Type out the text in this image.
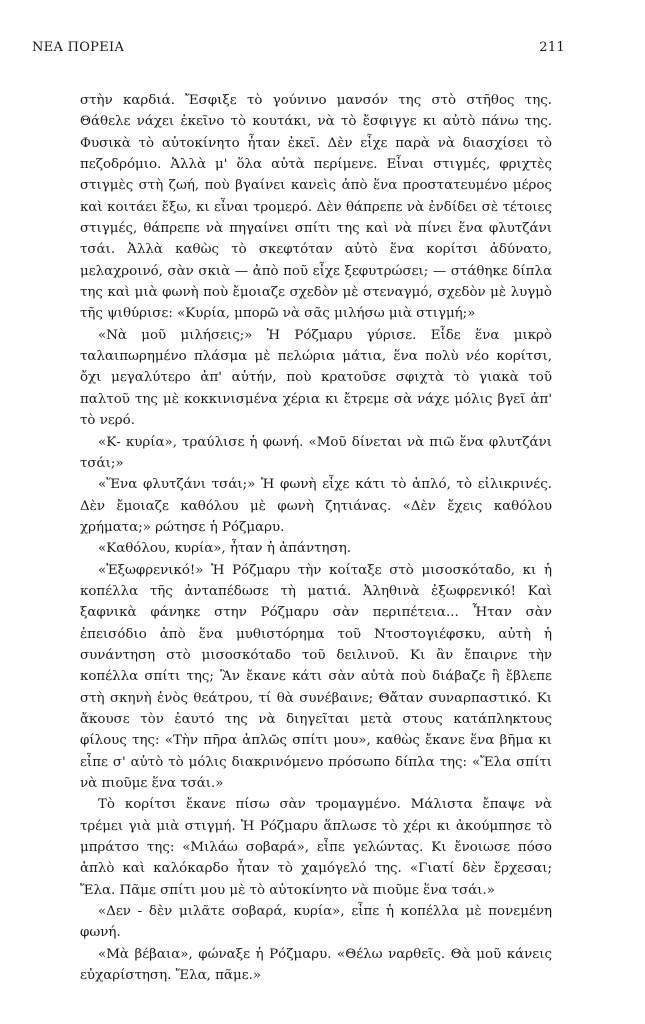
ΝΕΑ ΠΟΡΕΙΑ	211

στὴν καρδιά. Ἔσφιξε τὸ γούνινο μανσόν της στὸ στῆθος της. Θάθελε νάχει ἐκεῖνο τὸ κουτάκι, νὰ τὸ ἔσφιγγε κι αὐτὸ πάνω της. Φυσικὰ τὸ αὐτοκίνητο ἦταν ἐκεῖ. Δὲν εἶχε παρὰ νὰ διασχίσει τὸ πεζοδρόμιο. Ἀλλὰ μ' ὅλα αὐτὰ περίμενε. Εἶναι στιγμές, φριχτὲς στιγμὲς στὴ ζωή, ποὺ βγαίνει κανεὶς ἀπὸ ἕνα προστατευμένο μέρος καὶ κοιτάει ἔξω, κι εἶναι τρομερό. Δὲν θάπρεπε νὰ ἐνδίδει σὲ τέτοιες στιγμές, θάπρεπε νὰ πηγαίνει σπίτι της καὶ νὰ πίνει ἕνα φλυτζάνι τσάι. Ἀλλὰ καθὼς τὸ σκεφτόταν αὐτὸ ἕνα κορίτσι ἀδύνατο, μελαχροινό, σὰν σκιὰ — ἀπὸ ποῦ εἶχε ξεφυτρώσει; — στάθηκε δίπλα της καὶ μιὰ φωνὴ ποὺ ἔμοιαζε σχεδὸν μὲ στεναγμό, σχεδὸν μὲ λυγμὸ τῆς ψιθύρισε: «Κυρία, μπορῶ νὰ σᾶς μιλήσω μιὰ στιγμή;»

«Νὰ μοῦ μιλήσεις;» Ἡ Ρόζμαρυ γύρισε. Εἶδε ἕνα μικρὸ ταλαιπωρημένο πλάσμα μὲ πελώρια μάτια, ἕνα πολὺ νέο κορίτσι, ὄχι μεγαλύτερο ἀπ' αὐτήν, ποὺ κρατοῦσε σφιχτὰ τὸ γιακὰ τοῦ παλτοῦ της μὲ κοκκινισμένα χέρια κι ἔτρεμε σὰ νάχε μόλις βγεῖ ἀπ' τὸ νερό.

«Κ- κυρία», τραύλισε ἡ φωνή. «Μοῦ δίνεται νὰ πιῶ ἕνα φλυτζάνι τσάι;»

«Ἕνα φλυτζάνι τσάι;» Ἡ φωνὴ εἶχε κάτι τὸ ἁπλό, τὸ εἰλικρινές. Δὲν ἔμοιαζε καθόλου μὲ φωνὴ ζητιάνας. «Δὲν ἔχεις καθόλου χρήματα;» ρώτησε ἡ Ρόζμαρυ.

«Καθόλου, κυρία», ἦταν ἡ ἀπάντηση.

«Ἐξωφρενικό!» Ἡ Ρόζμαρυ τὴν κοίταξε στὸ μισοσκόταδο, κι ἡ κοπέλλα τῆς ἀνταπέδωσε τὴ ματιά. Ἀληθινὰ ἐξωφρενικό! Καὶ ξαφνικὰ φάνηκε στην Ρόζμαρυ σὰν περιπέτεια... Ἦταν σὰν ἐπεισόδιο ἀπὸ ἕνα μυθιστόρημα τοῦ Ντοστογιέφσκυ, αὐτὴ ἡ συνάντηση στὸ μισοσκόταδο τοῦ δειλινοῦ. Κι ἂν ἔπαιρνε τὴν κοπέλλα σπίτι της; Ἂν ἔκανε κάτι σὰν αὐτὰ ποὺ διάβαζε ἢ ἔβλεπε στὴ σκηνὴ ἑνὸς θεάτρου, τί θὰ συνέβαινε; Θἄταν συναρπαστικό. Κι ἄκουσε τὸν ἑαυτό της νὰ διηγεῖται μετὰ στους κατάπληκτους φίλους της: «Τὴν πῆρα ἁπλῶς σπίτι μου», καθὼς ἔκανε ἕνα βῆμα κι εἶπε σ' αὐτὸ τὸ μόλις διακρινόμενο πρόσωπο δίπλα της: «Ἔλα σπίτι νὰ πιοῦμε ἕνα τσάι.»

Τὸ κορίτσι ἔκανε πίσω σὰν τρομαγμένο. Μάλιστα ἔπαψε νὰ τρέμει γιὰ μιὰ στιγμή. Ἡ Ρόζμαρυ ἅπλωσε τὸ χέρι κι ἀκούμπησε τὸ μπράτσο της: «Μιλάω σοβαρά», εἶπε γελώντας. Κι ἔνοιωσε πόσο ἁπλὸ καὶ καλόκαρδο ἦταν τὸ χαμόγελό της. «Γιατί δὲν ἔρχεσαι; Ἔλα. Πᾶμε σπίτι μου μὲ τὸ αὐτοκίνητο νὰ πιοῦμε ἕνα τσάι.»

«Δεν - δὲν μιλᾶτε σοβαρά, κυρία», εἶπε ἡ κοπέλλα μὲ πονεμένη φωνή.

«Μὰ βέβαια», φώναξε ἡ Ρόζμαρυ. «Θέλω ναρθεῖς. Θὰ μοῦ κάνεις εὐχαρίστηση. Ἔλα, πᾶμε.»
